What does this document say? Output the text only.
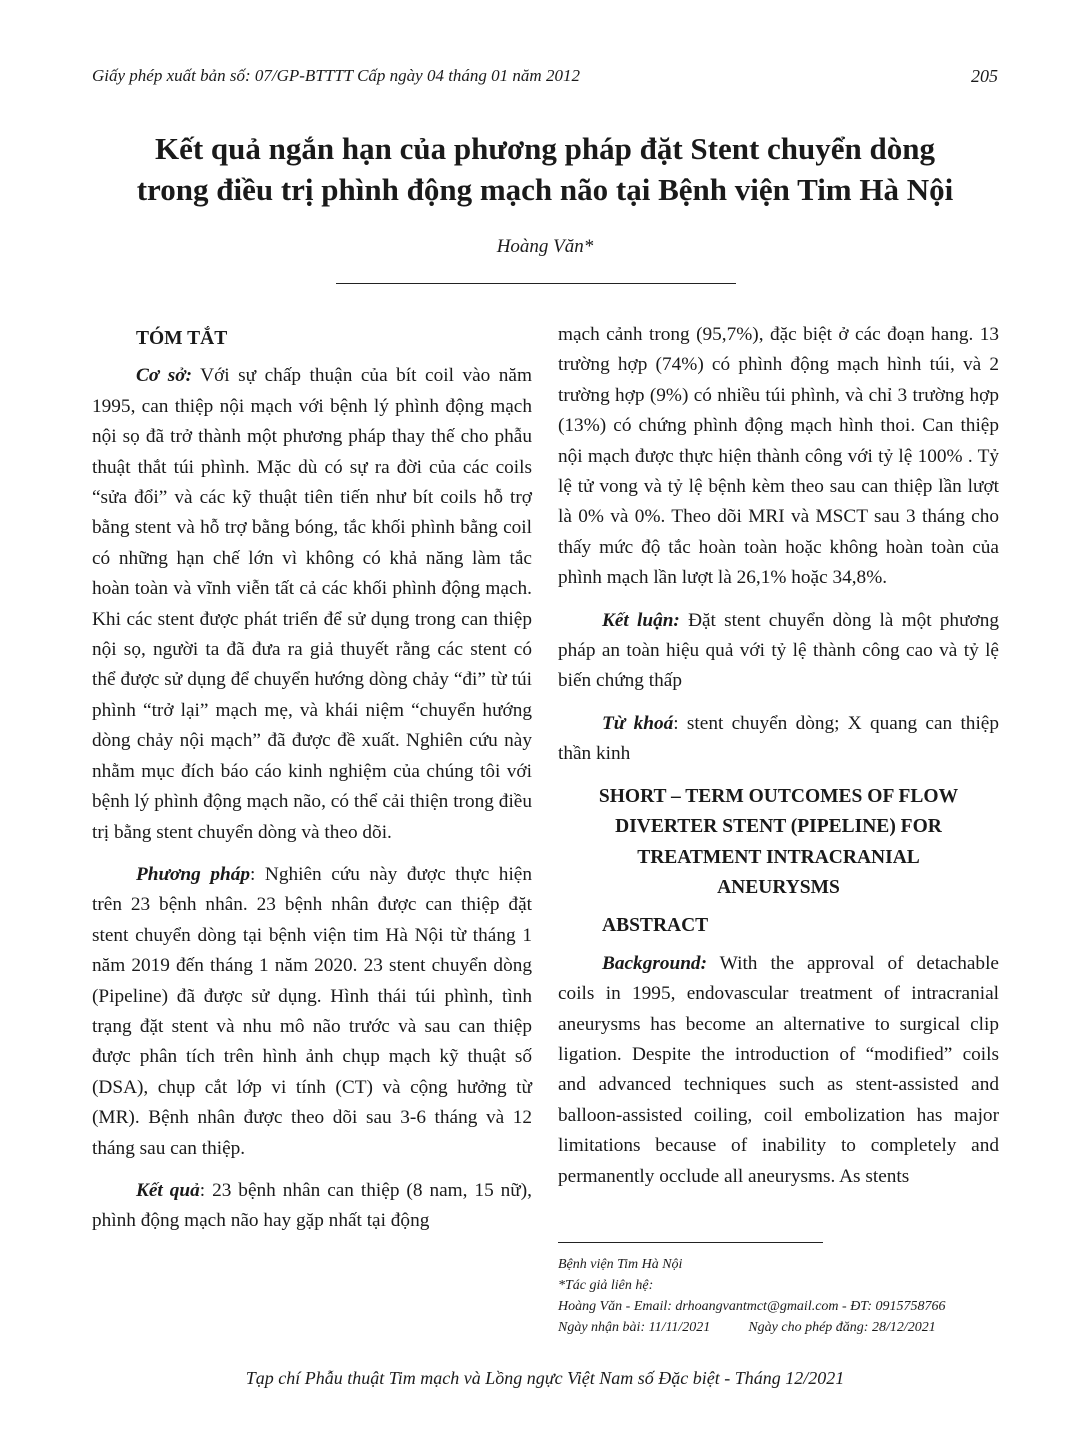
Giấy phép xuất bản số: 07/GP-BTTTT Cấp ngày 04 tháng 01 năm 2012	205
Kết quả ngắn hạn của phương pháp đặt Stent chuyển dòng
trong điều trị phình động mạch não tại Bệnh viện Tim Hà Nội
Hoàng Văn*
TÓM TẮT

Cơ sở: Với sự chấp thuận của bít coil vào năm 1995, can thiệp nội mạch với bệnh lý phình động mạch nội sọ đã trở thành một phương pháp thay thế cho phẫu thuật thắt túi phình. Mặc dù có sự ra đời của các coils “sửa đổi” và các kỹ thuật tiên tiến như bít coils hỗ trợ bằng stent và hỗ trợ bằng bóng, tắc khối phình bằng coil có những hạn chế lớn vì không có khả năng làm tắc hoàn toàn và vĩnh viễn tất cả các khối phình động mạch. Khi các stent được phát triển để sử dụng trong can thiệp nội sọ, người ta đã đưa ra giả thuyết rằng các stent có thể được sử dụng để chuyển hướng dòng chảy “đi” từ túi phình “trở lại” mạch mẹ, và khái niệm “chuyển hướng dòng chảy nội mạch” đã được đề xuất. Nghiên cứu này nhằm mục đích báo cáo kinh nghiệm của chúng tôi với bệnh lý phình động mạch não, có thể cải thiện trong điều trị bằng stent chuyển dòng và theo dõi.

Phương pháp: Nghiên cứu này được thực hiện trên 23 bệnh nhân. 23 bệnh nhân được can thiệp đặt stent chuyển dòng tại bệnh viện tim Hà Nội từ tháng 1 năm 2019 đến tháng 1 năm 2020. 23 stent chuyển dòng (Pipeline) đã được sử dụng. Hình thái túi phình, tình trạng đặt stent và nhu mô não trước và sau can thiệp được phân tích trên hình ảnh chụp mạch kỹ thuật số (DSA), chụp cắt lớp vi tính (CT) và cộng hưởng từ (MR). Bệnh nhân được theo dõi sau 3-6 tháng và 12 tháng sau can thiệp.

Kết quả: 23 bệnh nhân can thiệp (8 nam, 15 nữ), phình động mạch não hay gặp nhất tại động

mạch cảnh trong (95,7%), đặc biệt ở các đoạn hang. 13 trường hợp (74%) có phình động mạch hình túi, và 2 trường hợp (9%) có nhiều túi phình, và chỉ 3 trường hợp (13%) có chứng phình động mạch hình thoi. Can thiệp nội mạch được thực hiện thành công với tỷ lệ 100% . Tỷ lệ tử vong và tỷ lệ bệnh kèm theo sau can thiệp lần lượt là 0% và 0%. Theo dõi MRI và MSCT sau 3 tháng cho thấy mức độ tắc hoàn toàn hoặc không hoàn toàn của phình mạch lần lượt là 26,1% hoặc 34,8%.

Kết luận: Đặt stent chuyển dòng là một phương pháp an toàn hiệu quả với tỷ lệ thành công cao và tỷ lệ biến chứng thấp

Từ khoá: stent chuyển dòng; X quang can thiệp thần kinh

SHORT – TERM OUTCOMES OF FLOW
DIVERTER STENT (PIPELINE) FOR
TREATMENT INTRACRANIAL
ANEURYSMS
ABSTRACT

Background: With the approval of detachable coils in 1995, endovascular treatment of intracranial aneurysms has become an alternative to surgical clip ligation. Despite the introduction of “modified” coils and advanced techniques such as stent-assisted and balloon-assisted coiling, coil embolization has major limitations because of inability to completely and permanently occlude all aneurysms. As stents

Bệnh viện Tim Hà Nội
*Tác giả liên hệ:
Hoàng Văn - Email: drhoangvantmct@gmail.com - ĐT: 0915758766
Ngày nhận bài: 11/11/2021	Ngày cho phép đăng: 28/12/2021
Tạp chí Phẫu thuật Tim mạch và Lồng ngực Việt Nam số Đặc biệt - Tháng 12/2021
